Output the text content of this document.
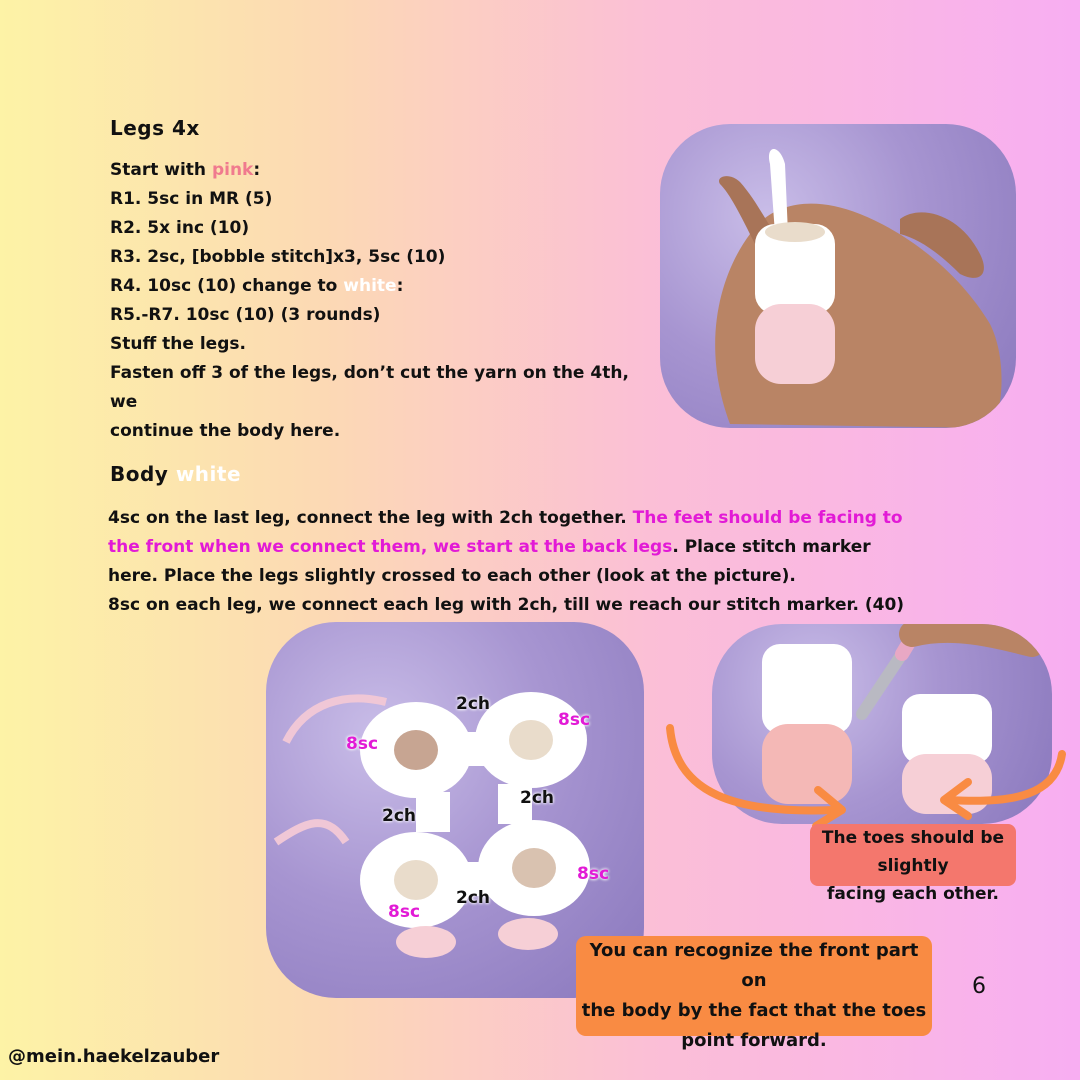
Legs 4x
Start with pink:
R1. 5sc in MR (5)
R2. 5x inc (10)
R3. 2sc, [bobble stitch]x3, 5sc (10)
R4. 10sc (10) change to white:
R5.-R7. 10sc (10) (3 rounds)
Stuff the legs.
Fasten off 3 of the legs, don’t cut the yarn on the 4th, we
continue the body here.
Body white
4sc on the last leg, connect the leg with 2ch together. The feet should be facing to
the front when we connect them, we start at the back legs. Place stitch marker
here. Place the legs slightly crossed to each other (look at the picture).
8sc on each leg, we connect each leg with 2ch, till we reach our stitch marker. (40)
2ch
8sc
8sc
2ch
2ch
8sc
2ch
8sc
The toes should be slightly
facing each other.
You can recognize the front part on
the body by the fact that the toes
point forward.
6
@mein.haekelzauber
